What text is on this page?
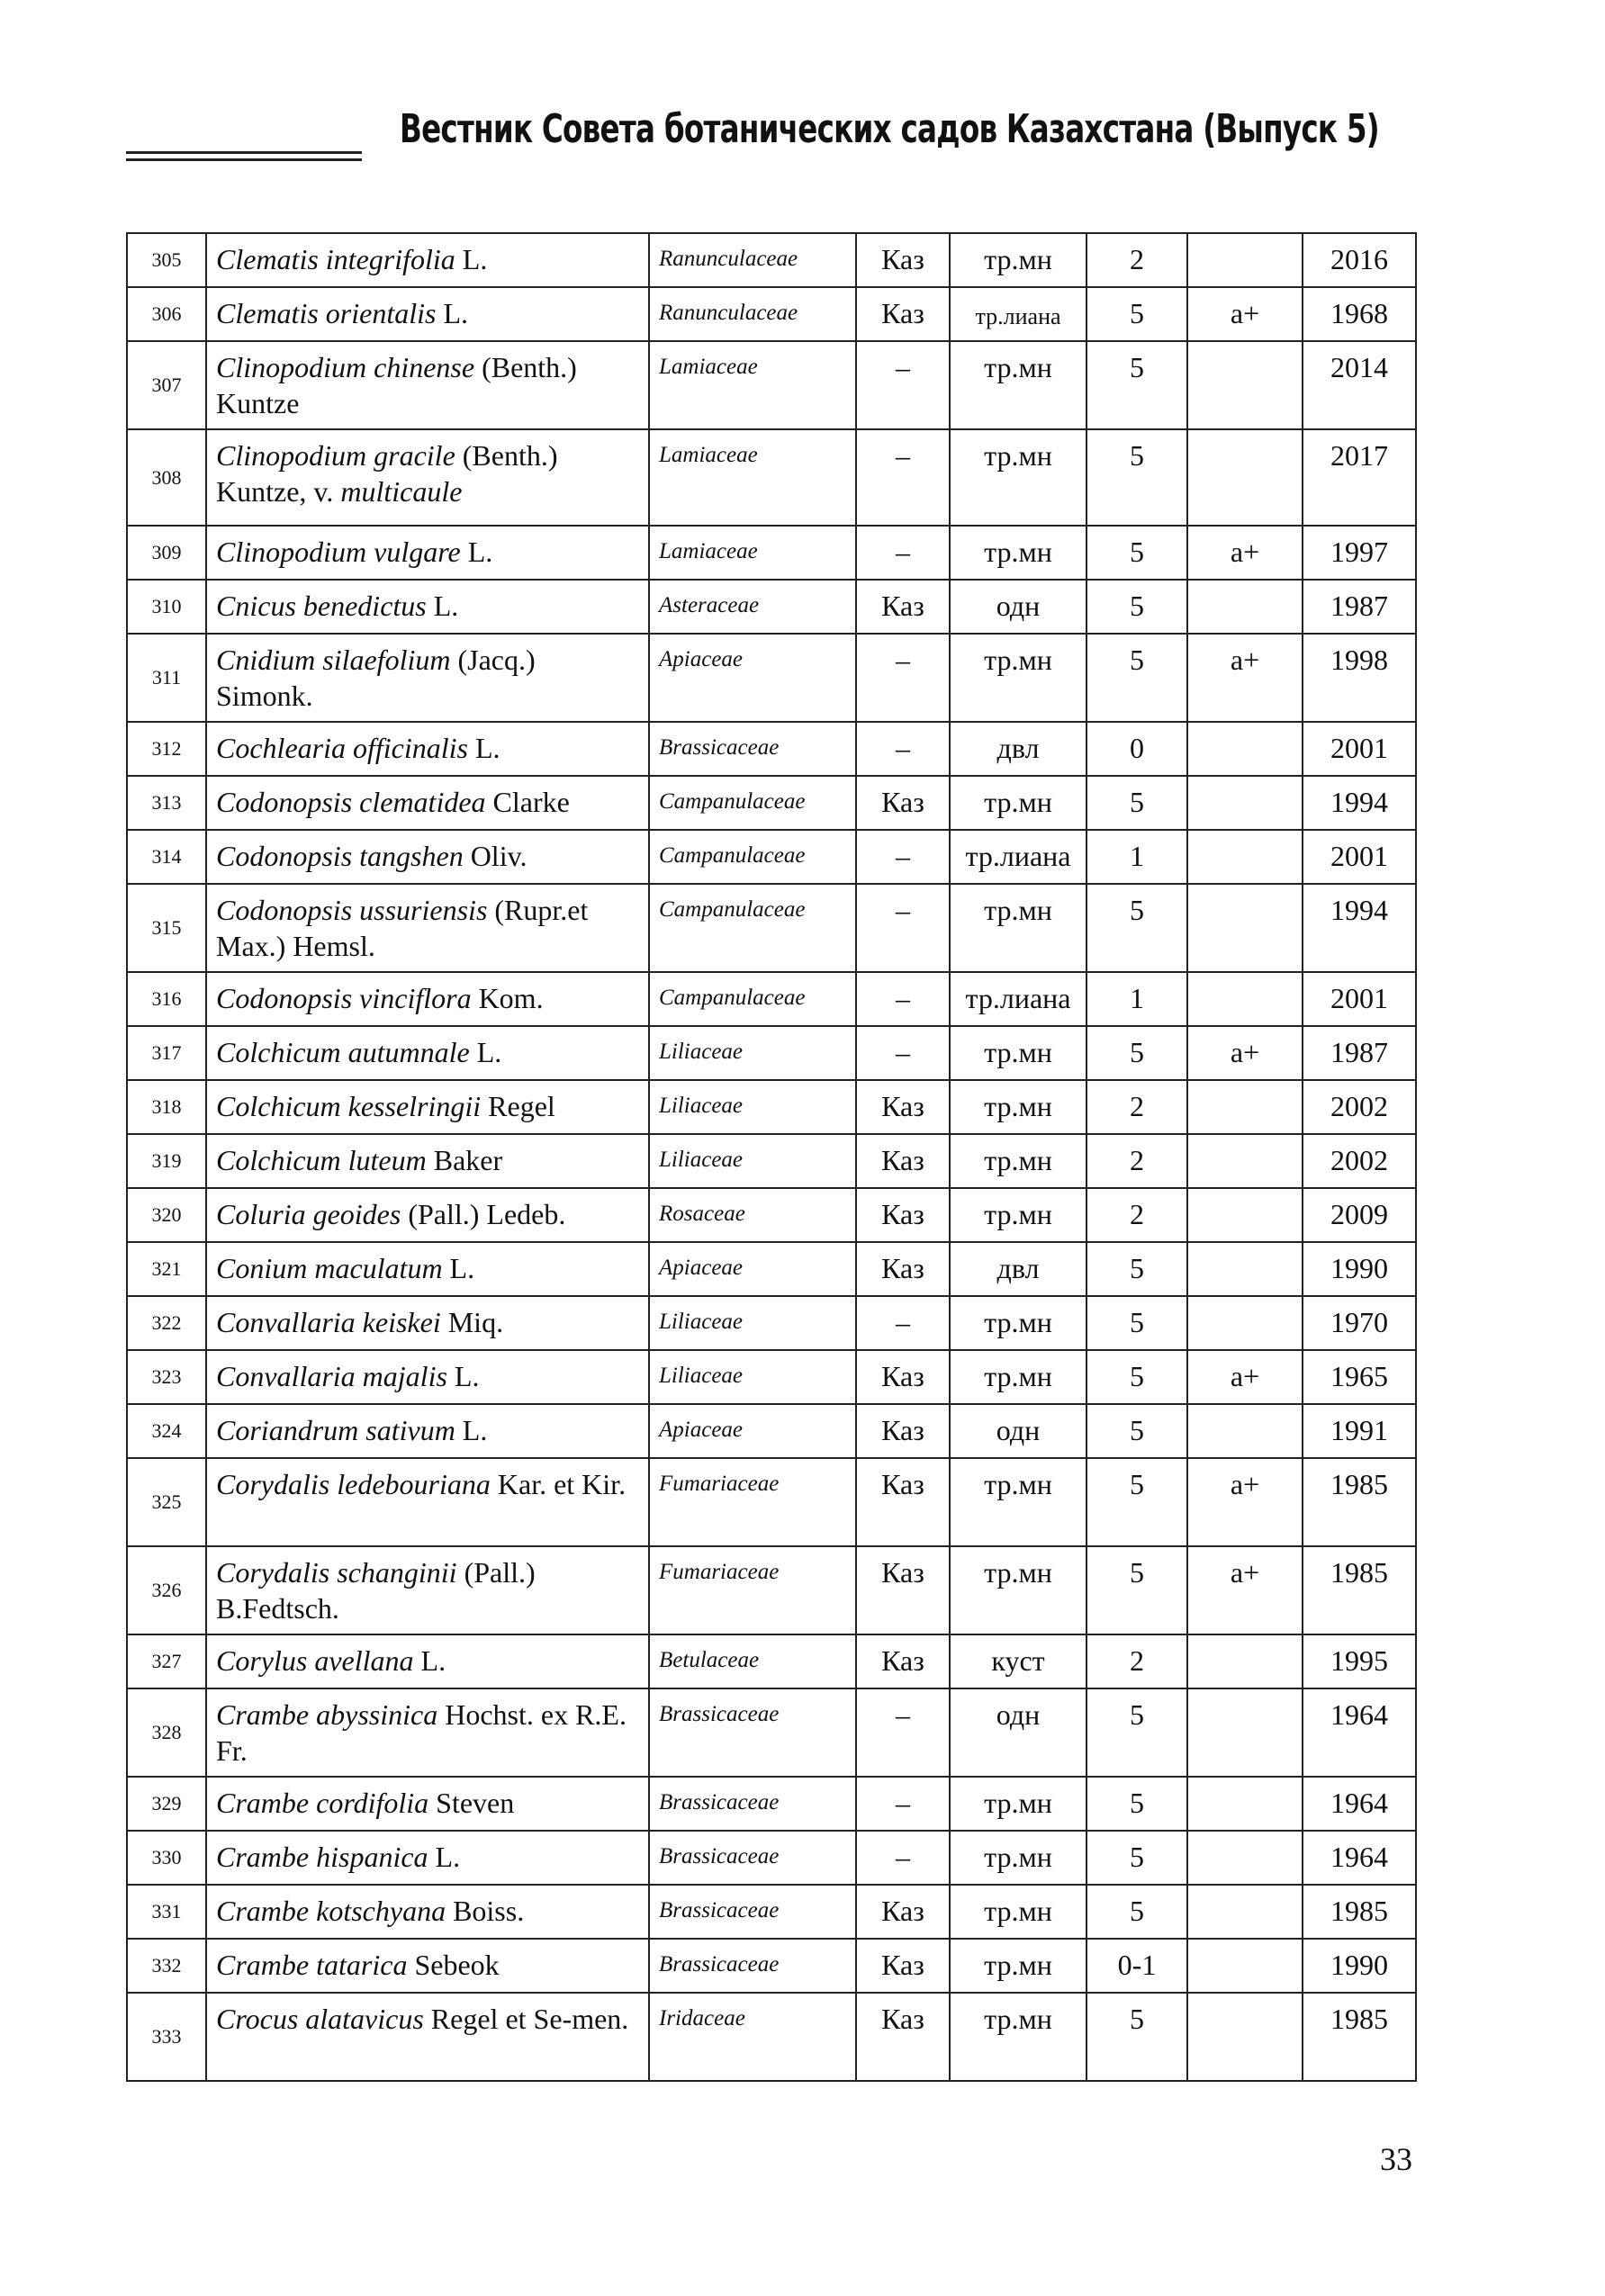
Вестник Совета ботанических садов Казахстана (Выпуск 5)
305	Clematis integrifolia L.	Ranunculaceae	Каз	тр.мн	2		2016
306	Clematis orientalis L.	Ranunculaceae	Каз	тр.лиана	5	а+	1968
307	Clinopodium chinense (Benth.) Kuntze	Lamiaceae	–	тр.мн	5		2014
308	Clinopodium gracile (Benth.) Kuntze, v. multicaule	Lamiaceae	–	тр.мн	5		2017
309	Clinopodium vulgare L.	Lamiaceae	–	тр.мн	5	а+	1997
310	Cnicus benedictus L.	Asteraceae	Каз	одн	5		1987
311	Cnidium silaefolium (Jacq.) Simonk.	Apiaceae	–	тр.мн	5	а+	1998
312	Cochlearia officinalis L.	Brassicaceae	–	двл	0		2001
313	Codonopsis clematidea Clarke	Campanulaceae	Каз	тр.мн	5		1994
314	Codonopsis tangshen Oliv.	Campanulaceae	–	тр.лиана	1		2001
315	Codonopsis ussuriensis (Rupr.et Max.) Hemsl.	Campanulaceae	–	тр.мн	5		1994
316	Codonopsis vinciflora Kom.	Campanulaceae	–	тр.лиана	1		2001
317	Colchicum autumnale L.	Liliaceae	–	тр.мн	5	а+	1987
318	Colchicum kesselringii Regel	Liliaceae	Каз	тр.мн	2		2002
319	Colchicum luteum Baker	Liliaceae	Каз	тр.мн	2		2002
320	Coluria geoides (Pall.) Ledeb.	Rosaceae	Каз	тр.мн	2		2009
321	Conium maculatum L.	Apiaceae	Каз	двл	5		1990
322	Convallaria keiskei Miq.	Liliaceae	–	тр.мн	5		1970
323	Convallaria majalis L.	Liliaceae	Каз	тр.мн	5	а+	1965
324	Coriandrum sativum L.	Apiaceae	Каз	одн	5		1991
325	Corydalis ledebouriana Kar. et Kir.	Fumariaceae	Каз	тр.мн	5	а+	1985
326	Corydalis schanginii (Pall.) B.Fedtsch.	Fumariaceae	Каз	тр.мн	5	а+	1985
327	Corylus avellana L.	Betulaceae	Каз	куст	2		1995
328	Crambe abyssinica Hochst. ex R.E. Fr.	Brassicaceae	–	одн	5		1964
329	Crambe cordifolia Steven	Brassicaceae	–	тр.мн	5		1964
330	Crambe hispanica L.	Brassicaceae	–	тр.мн	5		1964
331	Crambe kotschyana Boiss.	Brassicaceae	Каз	тр.мн	5		1985
332	Crambe tatarica Sebeok	Brassicaceae	Каз	тр.мн	0-1		1990
333	Crocus alatavicus Regel et Se-men.	Iridaceae	Каз	тр.мн	5		1985
33
